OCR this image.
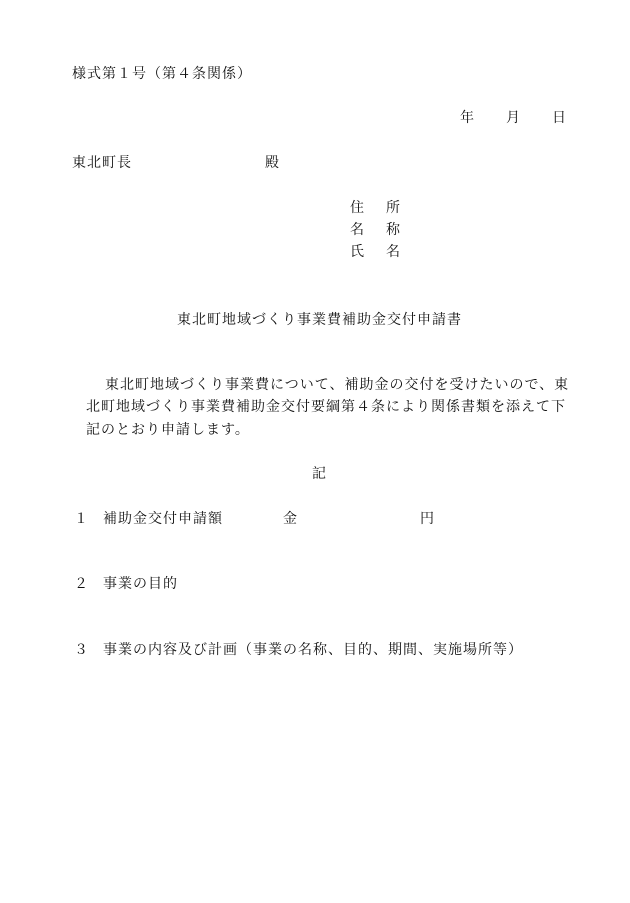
様式第１号（第４条関係）
年 月 日
東北町長	殿
住　所
名　称
氏　名
東北町地域づくり事業費補助金交付申請書
東北町地域づくり事業費について、補助金の交付を受けたいので、東
北町地域づくり事業費補助金交付要綱第４条により関係書類を添えて下
記のとおり申請します。
記
１ 補助金交付申請額	金	円
２ 事業の目的
３ 事業の内容及び計画（事業の名称、目的、期間、実施場所等）
